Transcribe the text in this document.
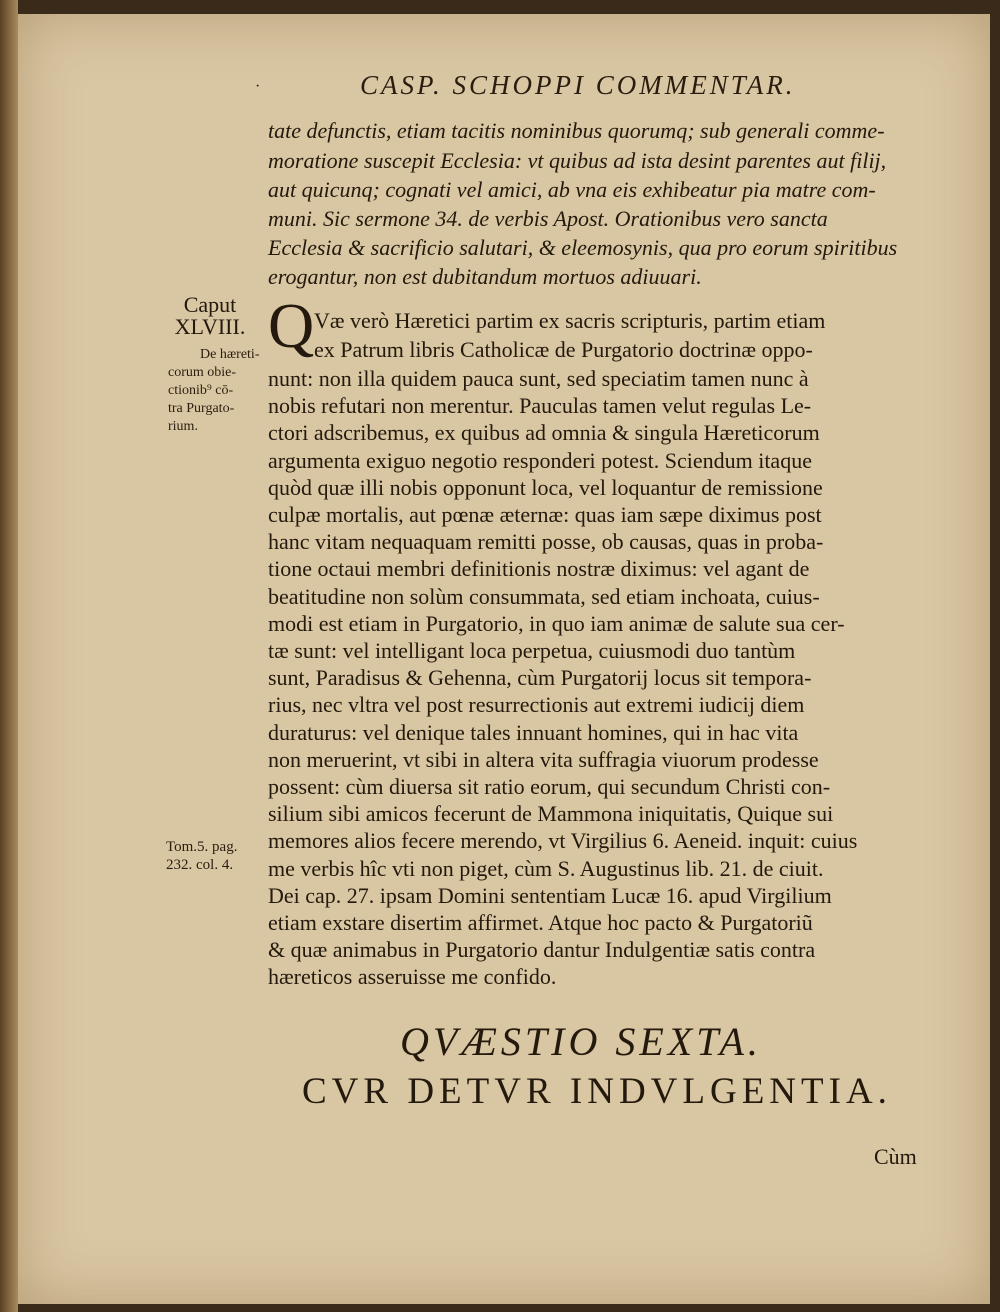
·	CASP. SCHOPPI COMMENTAR.
tate defunctis, etiam tacitis nominibus quorumq; sub generali comme-
moratione suscepit Ecclesia: vt quibus ad ista desint parentes aut filij,
aut quicunq; cognati vel amici, ab vna eis exhibeatur pia matre com-
muni. Sic sermone 34. de verbis Apost. Orationibus vero sancta
Ecclesia & sacrificio salutari, & eleemosynis, qua pro eorum spiritibus
erogantur, non est dubitandum mortuos adiuuari.
Caput
XLVIII.
De hæreti-
corum obie-
ctionib⁹ cō-
tra Purgato-
rium.
Tom.5. pag.
232. col. 4.
Q Væ verò Hæretici partim ex sacris scripturis, partim etiam
ex Patrum libris Catholicæ de Purgatorio doctrinæ oppo-
nunt: non illa quidem pauca sunt, sed speciatim tamen nunc à
nobis refutari non merentur. Pauculas tamen velut regulas Le-
ctori adscribemus, ex quibus ad omnia & singula Hæreticorum
argumenta exiguo negotio responderi potest. Sciendum itaque
quòd quæ illi nobis opponunt loca, vel loquantur de remissione
culpæ mortalis, aut pœnæ æternæ: quas iam sæpe diximus post
hanc vitam nequaquam remitti posse, ob causas, quas in proba-
tione octaui membri definitionis nostræ diximus: vel agant de
beatitudine non solùm consummata, sed etiam inchoata, cuius-
modi est etiam in Purgatorio, in quo iam animæ de salute sua cer-
tæ sunt: vel intelligant loca perpetua, cuiusmodi duo tantùm
sunt, Paradisus & Gehenna, cùm Purgatorij locus sit tempora-
rius, nec vltra vel post resurrectionis aut extremi iudicij diem
duraturus: vel denique tales innuant homines, qui in hac vita
non meruerint, vt sibi in altera vita suffragia viuorum prodesse
possent: cùm diuersa sit ratio eorum, qui secundum Christi con-
silium sibi amicos fecerunt de Mammona iniquitatis, Quique sui
memores alios fecere merendo, vt Virgilius 6. Aeneid. inquit: cuius
me verbis hîc vti non piget, cùm S. Augustinus lib. 21. de ciuit.
Dei cap. 27. ipsam Domini sententiam Lucæ 16. apud Virgilium
etiam exstare disertim affirmet. Atque hoc pacto & Purgatoriũ
& quæ animabus in Purgatorio dantur Indulgentiæ satis contra
hæreticos asseruisse me confido.
QVÆSTIO SEXTA.
CVR DETVR INDVLGENTIA.
Cùm
